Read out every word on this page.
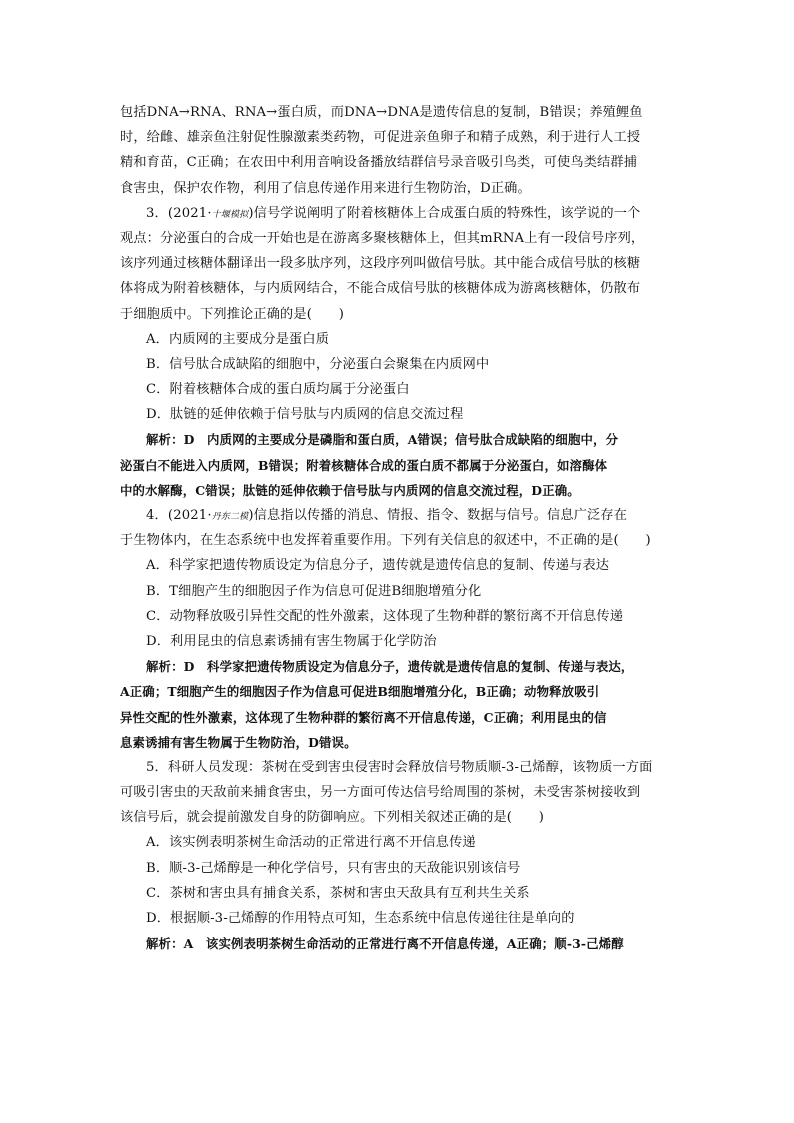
包括DNA→RNA、RNA→蛋白质，而DNA→DNA是遗传信息的复制，B错误；养殖鲤鱼
时，给雌、雄亲鱼注射促性腺激素类药物，可促进亲鱼卵子和精子成熟，利于进行人工授
精和育苗，C正确；在农田中利用音响设备播放结群信号录音吸引鸟类，可使鸟类结群捕
食害虫，保护农作物，利用了信息传递作用来进行生物防治，D正确。
3．(2021·十堰模拟)信号学说阐明了附着核糖体上合成蛋白质的特殊性，该学说的一个
观点：分泌蛋白的合成一开始也是在游离多聚核糖体上，但其mRNA上有一段信号序列，
该序列通过核糖体翻译出一段多肽序列，这段序列叫做信号肽。其中能合成信号肽的核糖
体将成为附着核糖体，与内质网结合，不能合成信号肽的核糖体成为游离核糖体，仍散布
于细胞质中。下列推论正确的是(　　)
A．内质网的主要成分是蛋白质
B．信号肽合成缺陷的细胞中，分泌蛋白会聚集在内质网中
C．附着核糖体合成的蛋白质均属于分泌蛋白
D．肽链的延伸依赖于信号肽与内质网的信息交流过程
解析：D　内质网的主要成分是磷脂和蛋白质，A错误；信号肽合成缺陷的细胞中，分
泌蛋白不能进入内质网，B错误；附着核糖体合成的蛋白质不都属于分泌蛋白，如溶酶体
中的水解酶，C错误；肽链的延伸依赖于信号肽与内质网的信息交流过程，D正确。
4．(2021·丹东二模)信息指以传播的消息、情报、指令、数据与信号。信息广泛存在
于生物体内，在生态系统中也发挥着重要作用。下列有关信息的叙述中，不正确的是(　　)
A．科学家把遗传物质设定为信息分子，遗传就是遗传信息的复制、传递与表达
B．T细胞产生的细胞因子作为信息可促进B细胞增殖分化
C．动物释放吸引异性交配的性外激素，这体现了生物种群的繁衍离不开信息传递
D．利用昆虫的信息素诱捕有害生物属于化学防治
解析：D　科学家把遗传物质设定为信息分子，遗传就是遗传信息的复制、传递与表达，
A正确；T细胞产生的细胞因子作为信息可促进B细胞增殖分化，B正确；动物释放吸引
异性交配的性外激素，这体现了生物种群的繁衍离不开信息传递，C正确；利用昆虫的信
息素诱捕有害生物属于生物防治，D错误。
5．科研人员发现：茶树在受到害虫侵害时会释放信号物质顺-3-己烯醇，该物质一方面
可吸引害虫的天敌前来捕食害虫，另一方面可传达信号给周围的茶树，未受害茶树接收到
该信号后，就会提前激发自身的防御响应。下列相关叙述正确的是(　　)
A．该实例表明茶树生命活动的正常进行离不开信息传递
B．顺-3-己烯醇是一种化学信号，只有害虫的天敌能识别该信号
C．茶树和害虫具有捕食关系，茶树和害虫天敌具有互利共生关系
D．根据顺-3-己烯醇的作用特点可知，生态系统中信息传递往往是单向的
解析：A　该实例表明茶树生命活动的正常进行离不开信息传递，A正确；顺-3-己烯醇
